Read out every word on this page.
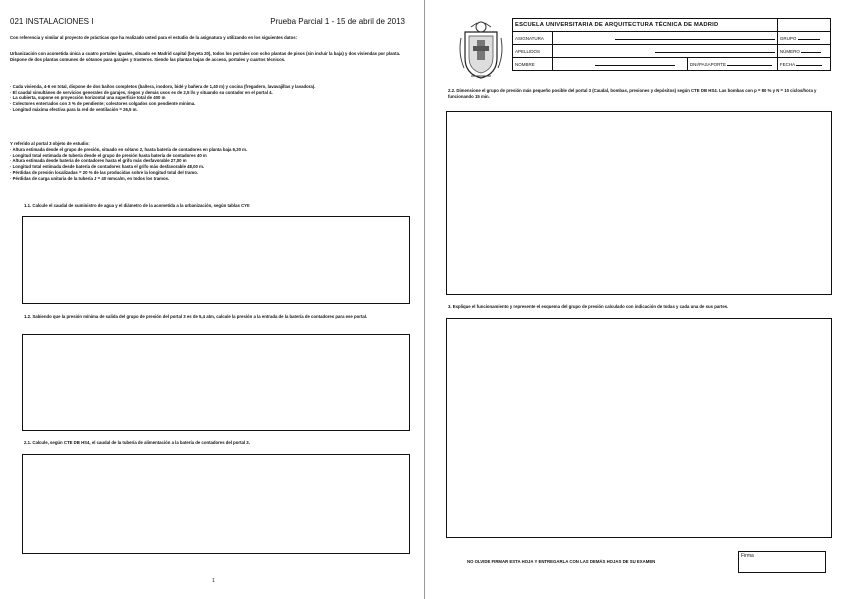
021 INSTALACIONES I	Prueba Parcial 1 - 15 de abril de 2013
Con referencia y similar al proyecto de prácticas que ha realizado usted para el estudio de la asignatura y utilizando en los siguientes datos:
Urbanización con acometida única a cuatro portales iguales, situado en Madrid capital (boyeta 20), todos los portales con ocho plantas de pisos (sin incluir la baja) y dos viviendas por planta. Dispone de dos plantas comunes de sótanos para garajes y trasteros. Siendo las plantas bajas de acceso, portales y cuartos técnicos.
· Cada vivienda, 4-6 en total, dispone de dos baños completos (bañera, inodoro, bidé y bañera de 1,40 m) y cocina (fregadero, lavavajillas y lavadora).
· El caudal simultáneo de servicios generales de garajes, riegos y demás usos es de 2,5 l/s y situando su contador en el portal 4.
· La cubierta, supone en proyección horizontal una superficie total de 400 m
· Colectores enterrados con 3 % de pendiente; colectores colgados con pendiente mínima.
· Longitud máxima efectiva para la red de ventilación = 26,5 m.
Y referido al portal 3 objeto de estudio:
· Altura estimada desde el grupo de presión, situado en sótano 2, hasta batería de contadores en planta baja 6,20 m.
· Longitud total estimada de tubería desde el grupo de presión hasta batería de contadores 40 m
· Altura estimada desde batería de contadores hasta el grifo más desfavorable 27,00 m
· Longitud total estimada desde batería de contadores hasta el grifo más desfavorable 48,00 m.
· Pérdidas de presión localizadas = 20 % de las producidas sobre la longitud total del tramo.
· Pérdidas de carga unitaria de la tubería J = 40 mmca/m, en todos los tramos.
1.1. Calcule el caudal de suministro de agua y el diámetro de la acometida a la urbanización, según tablas CYII
1.2. Sabiendo que la presión mínima de salida del grupo de presión del portal 3 es de 5,4 atm, calcule la presión a la entrada de la batería de contadores para ese portal.
2.1. Calcule, según CTE DB HS4, el caudal de la tubería de alimentación a la batería de contadores del portal 3.
1
ESCUELA UNIVERSITARIA DE ARQUITECTURA TÉCNICA DE MADRID			
ASIGNATURA			GRUPO
APELLIDOS			NÚMERO
NOMBRE		DNI/PASAPORTE	FECHA
2.2. Dimensione el grupo de presión más pequeño posible del portal 3 (Caudal, bombas, presiones y depósitos) según CTE DB HS4. Las bombas con p = 80 % y N = 10 ciclos/hora y funcionando 15 min.
3. Explique el funcionamiento y represente el esquema del grupo de presión calculado con indicación de todas y cada una de sus partes.
NO OLVIDE FIRMAR ESTA HOJA Y ENTREGARLA CON LAS DEMÁS HOJAS DE SU EXAMEN
Firma
